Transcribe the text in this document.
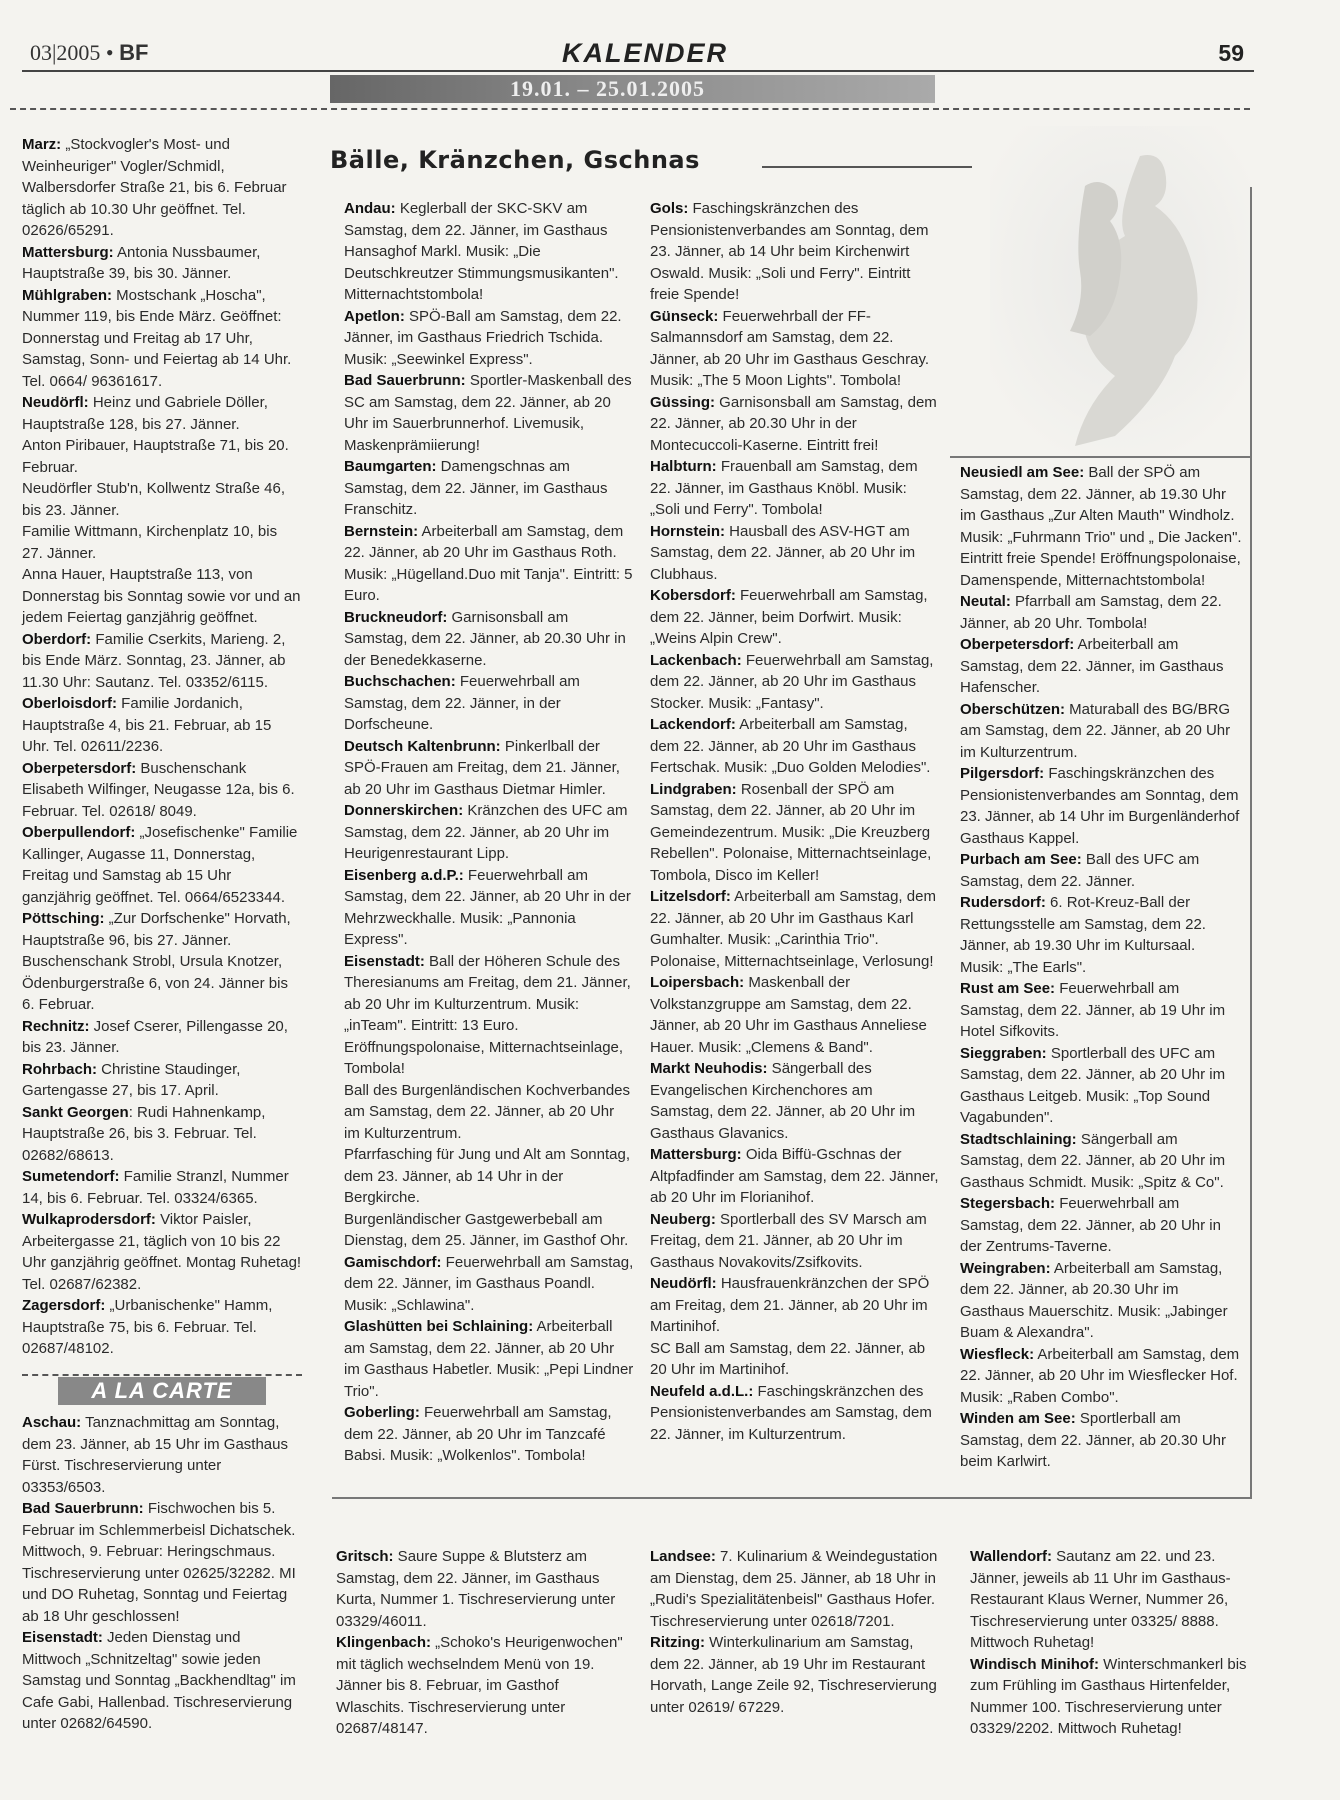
03|2005 • BF	KALENDER	59
19.01. – 25.01.2005

Marz: „Stockvogler's Most- und Weinheuriger" Vogler/Schmidl, Walbersdorfer Straße 21, bis 6. Februar täglich ab 10.30 Uhr geöffnet. Tel. 02626/65291.

Mattersburg: Antonia Nussbaumer, Hauptstraße 39, bis 30. Jänner.

Mühlgraben: Mostschank „Hoscha", Nummer 119, bis Ende März. Geöffnet: Donnerstag und Freitag ab 17 Uhr, Samstag, Sonn- und Feiertag ab 14 Uhr. Tel. 0664/ 96361617.

Neudörfl: Heinz und Gabriele Döller, Hauptstraße 128, bis 27. Jänner.

Anton Piribauer, Hauptstraße 71, bis 20. Februar.

Neudörfler Stub'n, Kollwentz Straße 46, bis 23. Jänner.

Familie Wittmann, Kirchenplatz 10, bis 27. Jänner.

Anna Hauer, Hauptstraße 113, von Donnerstag bis Sonntag sowie vor und an jedem Feiertag ganzjährig geöffnet.

Oberdorf: Familie Cserkits, Marieng. 2, bis Ende März. Sonntag, 23. Jänner, ab 11.30 Uhr: Sautanz. Tel. 03352/6115.

Oberloisdorf: Familie Jordanich, Hauptstraße 4, bis 21. Februar, ab 15 Uhr. Tel. 02611/2236.

Oberpetersdorf: Buschenschank Elisabeth Wilfinger, Neugasse 12a, bis 6. Februar. Tel. 02618/ 8049.

Oberpullendorf: „Josefischenke" Familie Kallinger, Augasse 11, Donnerstag, Freitag und Samstag ab 15 Uhr ganzjährig geöffnet. Tel. 0664/6523344.

Pöttsching: „Zur Dorfschenke" Horvath, Hauptstraße 96, bis 27. Jänner.

Buschenschank Strobl, Ursula Knotzer, Ödenburgerstraße 6, von 24. Jänner bis 6. Februar.

Rechnitz: Josef Cserer, Pillengasse 20, bis 23. Jänner.

Rohrbach: Christine Staudinger, Gartengasse 27, bis 17. April.

Sankt Georgen: Rudi Hahnenkamp, Hauptstraße 26, bis 3. Februar. Tel. 02682/68613.

Sumetendorf: Familie Stranzl, Nummer 14, bis 6. Februar. Tel. 03324/6365.

Wulkaprodersdorf: Viktor Paisler, Arbeitergasse 21, täglich von 10 bis 22 Uhr ganzjährig geöffnet. Montag Ruhetag! Tel. 02687/62382.

Zagersdorf: „Urbanischenke" Hamm, Hauptstraße 75, bis 6. Februar. Tel. 02687/48102.

A LA CARTE

Aschau: Tanznachmittag am Sonntag, dem 23. Jänner, ab 15 Uhr im Gasthaus Fürst. Tischreservierung unter 03353/6503.

Bad Sauerbrunn: Fischwochen bis 5. Februar im Schlemmerbeisl Dichatschek. Mittwoch, 9. Februar: Heringschmaus. Tischreservierung unter 02625/32282. MI und DO Ruhetag, Sonntag und Feiertag ab 18 Uhr geschlossen!

Eisenstadt: Jeden Dienstag und Mittwoch „Schnitzeltag" sowie jeden Samstag und Sonntag „Backhendltag" im Cafe Gabi, Hallenbad. Tischreservierung unter 02682/64590.

Bälle, Kränzchen, Gschnas

Andau: Keglerball der SKC-SKV am Samstag, dem 22. Jänner, im Gasthaus Hansaghof Markl. Musik: „Die Deutschkreutzer Stimmungsmusikanten". Mitternachtstombola!

Apetlon: SPÖ-Ball am Samstag, dem 22. Jänner, im Gasthaus Friedrich Tschida. Musik: „Seewinkel Express".

Bad Sauerbrunn: Sportler-Maskenball des SC am Samstag, dem 22. Jänner, ab 20 Uhr im Sauerbrunnerhof. Livemusik, Maskenprämiierung!

Baumgarten: Damengschnas am Samstag, dem 22. Jänner, im Gasthaus Franschitz.

Bernstein: Arbeiterball am Samstag, dem 22. Jänner, ab 20 Uhr im Gasthaus Roth. Musik: „Hügelland.Duo mit Tanja". Eintritt: 5 Euro.

Bruckneudorf: Garnisonsball am Samstag, dem 22. Jänner, ab 20.30 Uhr in der Benedekkaserne.

Buchschachen: Feuerwehrball am Samstag, dem 22. Jänner, in der Dorfscheune.

Deutsch Kaltenbrunn: Pinkerlball der SPÖ-Frauen am Freitag, dem 21. Jänner, ab 20 Uhr im Gasthaus Dietmar Himler.

Donnerskirchen: Kränzchen des UFC am Samstag, dem 22. Jänner, ab 20 Uhr im Heurigenrestaurant Lipp.

Eisenberg a.d.P.: Feuerwehrball am Samstag, dem 22. Jänner, ab 20 Uhr in der Mehrzweckhalle. Musik: „Pannonia Express".

Eisenstadt: Ball der Höheren Schule des Theresianums am Freitag, dem 21. Jänner, ab 20 Uhr im Kulturzentrum. Musik: „inTeam". Eintritt: 13 Euro. Eröffnungspolonaise, Mitternachtseinlage, Tombola!

Ball des Burgenländischen Kochverbandes am Samstag, dem 22. Jänner, ab 20 Uhr im Kulturzentrum.

Pfarrfasching für Jung und Alt am Sonntag, dem 23. Jänner, ab 14 Uhr in der Bergkirche.

Burgenländischer Gastgewerbeball am Dienstag, dem 25. Jänner, im Gasthof Ohr.

Gamischdorf: Feuerwehrball am Samstag, dem 22. Jänner, im Gasthaus Poandl. Musik: „Schlawina".

Glashütten bei Schlaining: Arbeiterball am Samstag, dem 22. Jänner, ab 20 Uhr im Gasthaus Habetler. Musik: „Pepi Lindner Trio".

Goberling: Feuerwehrball am Samstag, dem 22. Jänner, ab 20 Uhr im Tanzcafé Babsi. Musik: „Wolkenlos". Tombola!

Gols: Faschingskränzchen des Pensionistenverbandes am Sonntag, dem 23. Jänner, ab 14 Uhr beim Kirchenwirt Oswald. Musik: „Soli und Ferry". Eintritt freie Spende!

Günseck: Feuerwehrball der FF-Salmannsdorf am Samstag, dem 22. Jänner, ab 20 Uhr im Gasthaus Geschray. Musik: „The 5 Moon Lights". Tombola!

Güssing: Garnisonsball am Samstag, dem 22. Jänner, ab 20.30 Uhr in der Montecuccoli-Kaserne. Eintritt frei!

Halbturn: Frauenball am Samstag, dem 22. Jänner, im Gasthaus Knöbl. Musik: „Soli und Ferry". Tombola!

Hornstein: Hausball des ASV-HGT am Samstag, dem 22. Jänner, ab 20 Uhr im Clubhaus.

Kobersdorf: Feuerwehrball am Samstag, dem 22. Jänner, beim Dorfwirt. Musik: „Weins Alpin Crew".

Lackenbach: Feuerwehrball am Samstag, dem 22. Jänner, ab 20 Uhr im Gasthaus Stocker. Musik: „Fantasy".

Lackendorf: Arbeiterball am Samstag, dem 22. Jänner, ab 20 Uhr im Gasthaus Fertschak. Musik: „Duo Golden Melodies".

Lindgraben: Rosenball der SPÖ am Samstag, dem 22. Jänner, ab 20 Uhr im Gemeindezentrum. Musik: „Die Kreuzberg Rebellen". Polonaise, Mitternachtseinlage, Tombola, Disco im Keller!

Litzelsdorf: Arbeiterball am Samstag, dem 22. Jänner, ab 20 Uhr im Gasthaus Karl Gumhalter. Musik: „Carinthia Trio". Polonaise, Mitternachtseinlage, Verlosung!

Loipersbach: Maskenball der Volkstanzgruppe am Samstag, dem 22. Jänner, ab 20 Uhr im Gasthaus Anneliese Hauer. Musik: „Clemens & Band".

Markt Neuhodis: Sängerball des Evangelischen Kirchenchores am Samstag, dem 22. Jänner, ab 20 Uhr im Gasthaus Glavanics.

Mattersburg: Oida Biffü-Gschnas der Altpfadfinder am Samstag, dem 22. Jänner, ab 20 Uhr im Florianihof.

Neuberg: Sportlerball des SV Marsch am Freitag, dem 21. Jänner, ab 20 Uhr im Gasthaus Novakovits/Zsifkovits.

Neudörfl: Hausfrauenkränzchen der SPÖ am Freitag, dem 21. Jänner, ab 20 Uhr im Martinihof.

SC Ball am Samstag, dem 22. Jänner, ab 20 Uhr im Martinihof.

Neufeld a.d.L.: Faschingskränzchen des Pensionistenverbandes am Samstag, dem 22. Jänner, im Kulturzentrum.

Neusiedl am See: Ball der SPÖ am Samstag, dem 22. Jänner, ab 19.30 Uhr im Gasthaus „Zur Alten Mauth" Windholz. Musik: „Fuhrmann Trio" und „ Die Jacken". Eintritt freie Spende! Eröffnungspolonaise, Damenspende, Mitternachtstombola!

Neutal: Pfarrball am Samstag, dem 22. Jänner, ab 20 Uhr. Tombola!

Oberpetersdorf: Arbeiterball am Samstag, dem 22. Jänner, im Gasthaus Hafenscher.

Oberschützen: Maturaball des BG/BRG am Samstag, dem 22. Jänner, ab 20 Uhr im Kulturzentrum.

Pilgersdorf: Faschingskränzchen des Pensionistenverbandes am Sonntag, dem 23. Jänner, ab 14 Uhr im Burgenländerhof Gasthaus Kappel.

Purbach am See: Ball des UFC am Samstag, dem 22. Jänner.

Rudersdorf: 6. Rot-Kreuz-Ball der Rettungsstelle am Samstag, dem 22. Jänner, ab 19.30 Uhr im Kultursaal. Musik: „The Earls".

Rust am See: Feuerwehrball am Samstag, dem 22. Jänner, ab 19 Uhr im Hotel Sifkovits.

Sieggraben: Sportlerball des UFC am Samstag, dem 22. Jänner, ab 20 Uhr im Gasthaus Leitgeb. Musik: „Top Sound Vagabunden".

Stadtschlaining: Sängerball am Samstag, dem 22. Jänner, ab 20 Uhr im Gasthaus Schmidt. Musik: „Spitz & Co".

Stegersbach: Feuerwehrball am Samstag, dem 22. Jänner, ab 20 Uhr in der Zentrums-Taverne.

Weingraben: Arbeiterball am Samstag, dem 22. Jänner, ab 20.30 Uhr im Gasthaus Mauerschitz. Musik: „Jabinger Buam & Alexandra".

Wiesfleck: Arbeiterball am Samstag, dem 22. Jänner, ab 20 Uhr im Wiesflecker Hof. Musik: „Raben Combo".

Winden am See: Sportlerball am Samstag, dem 22. Jänner, ab 20.30 Uhr beim Karlwirt.

Gritsch: Saure Suppe & Blutsterz am Samstag, dem 22. Jänner, im Gasthaus Kurta, Nummer 1. Tischreservierung unter 03329/46011.

Klingenbach: „Schoko's Heurigenwochen" mit täglich wechselndem Menü von 19. Jänner bis 8. Februar, im Gasthof Wlaschits. Tischreservierung unter 02687/48147.

Landsee: 7. Kulinarium & Weindegustation am Dienstag, dem 25. Jänner, ab 18 Uhr in „Rudi's Spezialitätenbeisl" Gasthaus Hofer. Tischreservierung unter 02618/7201.

Ritzing: Winterkulinarium am Samstag, dem 22. Jänner, ab 19 Uhr im Restaurant Horvath, Lange Zeile 92, Tischreservierung unter 02619/ 67229.

Wallendorf: Sautanz am 22. und 23. Jänner, jeweils ab 11 Uhr im Gasthaus-Restaurant Klaus Werner, Nummer 26, Tischreservierung unter 03325/ 8888. Mittwoch Ruhetag!

Windisch Minihof: Winterschmankerl bis zum Frühling im Gasthaus Hirtenfelder, Nummer 100. Tischreservierung unter 03329/2202. Mittwoch Ruhetag!
